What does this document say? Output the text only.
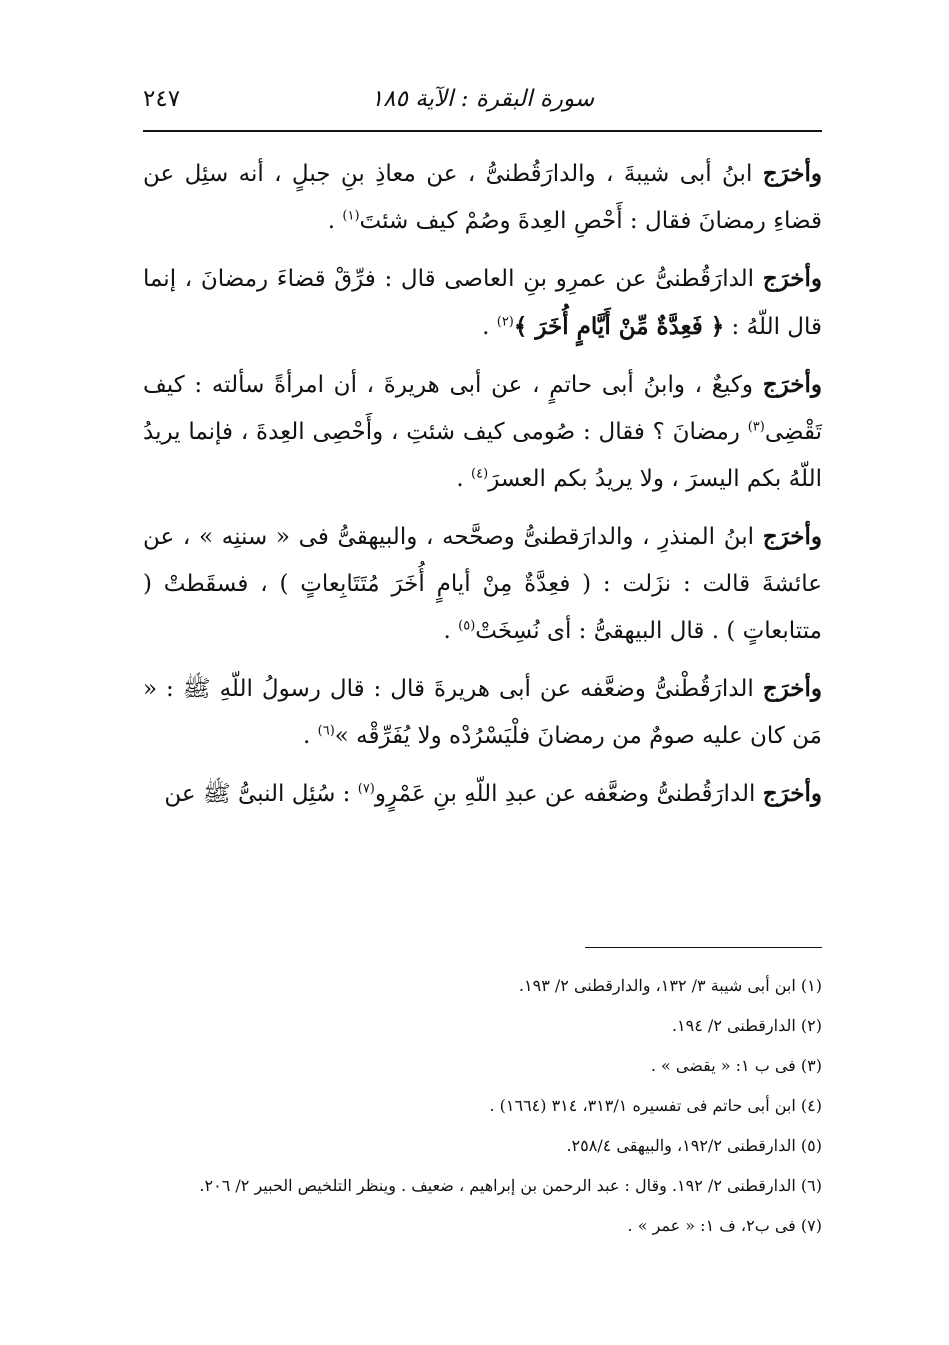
سورة البقرة : الآية ١٨٥
٢٤٧

وأخرَج ابنُ أبى شيبةَ ، والدارَقُطنىُّ ، عن معاذِ بنِ جبلٍ ، أنه سئِل عن قضاءِ رمضانَ فقال : أَحْصِ العِدةَ وصُمْ كيف شئتَ$^{(١)}$ .

وأخرَج الدارَقُطنىُّ عن عمرِو بنِ العاصى قال : فرِّقْ قضاءَ رمضانَ ، إنما قال اللّهُ : ﴿ فَعِدَّةٌ مِّنْ أَيَّامٍ أُخَرَ ﴾$^{(٢)}$ .

وأخرَج وكيعٌ ، وابنُ أبى حاتمٍ ، عن أبى هريرةَ ، أن امرأةً سألته : كيف تَقْضِى$^{(٣)}$ رمضانَ ؟ فقال : صُومى كيف شئتِ ، وأَحْصِى العِدةَ ، فإنما يريدُ اللّهُ بكم اليسرَ ، ولا يريدُ بكم العسرَ$^{(٤)}$ .

وأخرَج ابنُ المنذرِ ، والدارَقطنىُّ وصحَّحه ، والبيهقىُّ فى « سننِه » ، عن عائشةَ قالت : نزَلت : ( فعِدَّةٌ مِنْ أيامٍ أُخَرَ مُتَتَابِعاتٍ ) ، فسقَطتْ ( متتابعاتٍ ) . قال البيهقىُّ : أى نُسِخَتْ$^{(٥)}$ .

وأخرَج الدارَقُطْنىُّ وضعَّفه عن أبى هريرةَ قال : قال رسولُ اللّهِ ﷺ : « مَن كان عليه صومٌ من رمضانَ فلْيَسْرُدْه ولا يُفَرِّقْه »$^{(٦)}$ .

وأخرَج الدارَقُطنىُّ وضعَّفه عن عبدِ اللّهِ بنِ عَمْرٍو$^{(٧)}$ : سُئِل النبىُّ ﷺ عن

(١) ابن أبى شيبة ٣/ ١٣٢، والدارقطنى ٢/ ١٩٣.
(٢) الدارقطنى ٢/ ١٩٤.
(٣) فى ب ١: « يقضى » .
(٤) ابن أبى حاتم فى تفسيره ٣١٣/١، ٣١٤ (١٦٦٤) .
(٥) الدارقطنى ١٩٢/٢، والبيهقى ٢٥٨/٤.
(٦) الدارقطنى ٢/ ١٩٢. وقال : عبد الرحمن بن إبراهيم ، ضعيف . وينظر التلخيص الحبير ٢/ ٢٠٦.
(٧) فى ب٢، ف ١: « عمر » .
